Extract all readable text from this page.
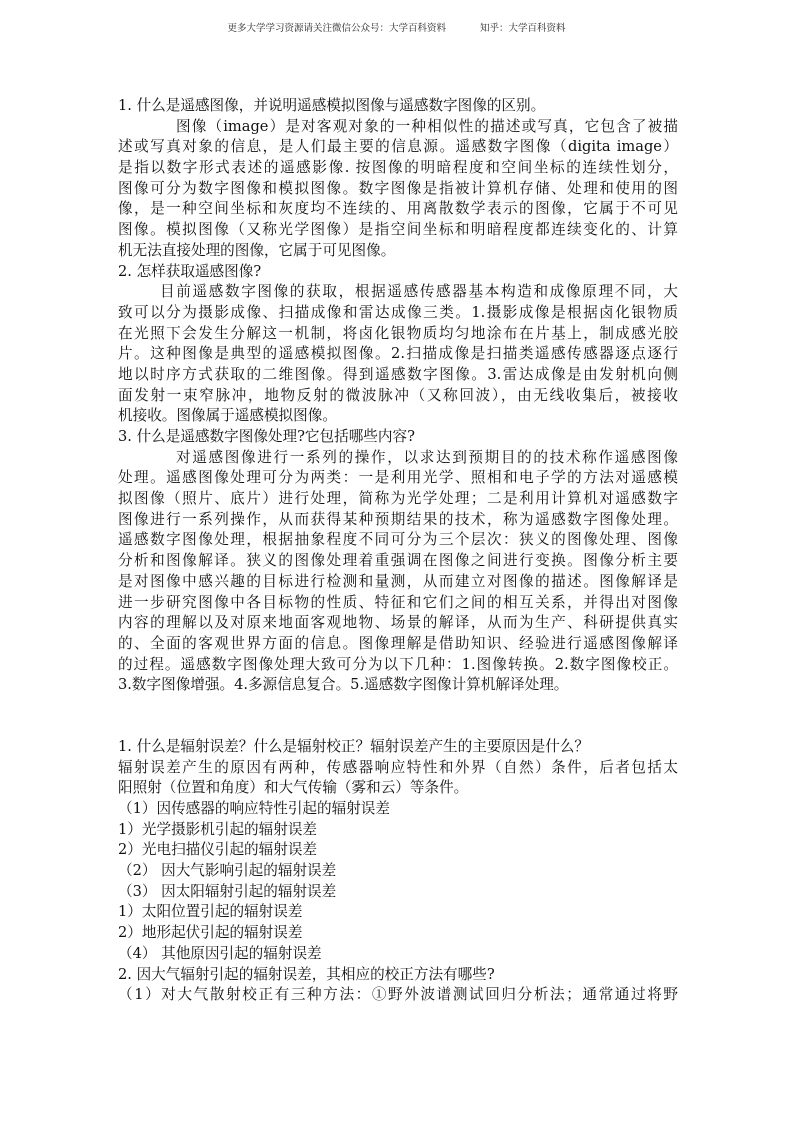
更多大学学习资源请关注微信公众号：大学百科资料	知乎：大学百科资料
1. 什么是遥感图像，并说明遥感模拟图像与遥感数字图像的区别。
图像（image）是对客观对象的一种相似性的描述或写真，它包含了被描
述或写真对象的信息，是人们最主要的信息源。遥感数字图像（digita image）
是指以数字形式表述的遥感影像. 按图像的明暗程度和空间坐标的连续性划分，
图像可分为数字图像和模拟图像。数字图像是指被计算机存储、处理和使用的图
像，是一种空间坐标和灰度均不连续的、用离散数学表示的图像，它属于不可见
图像。模拟图像（又称光学图像）是指空间坐标和明暗程度都连续变化的、计算
机无法直接处理的图像，它属于可见图像。
2. 怎样获取遥感图像?
目前遥感数字图像的获取，根据遥感传感器基本构造和成像原理不同，大
致可以分为摄影成像、扫描成像和雷达成像三类。1.摄影成像是根据卤化银物质
在光照下会发生分解这一机制，将卤化银物质均匀地涂布在片基上，制成感光胶
片。这种图像是典型的遥感模拟图像。2.扫描成像是扫描类遥感传感器逐点逐行
地以时序方式获取的二维图像。得到遥感数字图像。3.雷达成像是由发射机向侧
面发射一束窄脉冲，地物反射的微波脉冲（又称回波），由无线收集后，被接收
机接收。图像属于遥感模拟图像。
3. 什么是遥感数字图像处理?它包括哪些内容?
对遥感图像进行一系列的操作，以求达到预期目的的技术称作遥感图像
处理。遥感图像处理可分为两类：一是利用光学、照相和电子学的方法对遥感模
拟图像（照片、底片）进行处理，简称为光学处理；二是利用计算机对遥感数字
图像进行一系列操作，从而获得某种预期结果的技术，称为遥感数字图像处理。
遥感数字图像处理，根据抽象程度不同可分为三个层次：狭义的图像处理、图像
分析和图像解译。狭义的图像处理着重强调在图像之间进行变换。图像分析主要
是对图像中感兴趣的目标进行检测和量测，从而建立对图像的描述。图像解译是
进一步研究图像中各目标物的性质、特征和它们之间的相互关系，并得出对图像
内容的理解以及对原来地面客观地物、场景的解译，从而为生产、科研提供真实
的、全面的客观世界方面的信息。图像理解是借助知识、经验进行遥感图像解译
的过程。遥感数字图像处理大致可分为以下几种：1.图像转换。2.数字图像校正。
3.数字图像增强。4.多源信息复合。5.遥感数字图像计算机解译处理。
1. 什么是辐射误差？什么是辐射校正？辐射误差产生的主要原因是什么？
辐射误差产生的原因有两种，传感器响应特性和外界（自然）条件，后者包括太
阳照射（位置和角度）和大气传输（雾和云）等条件。
（1）因传感器的响应特性引起的辐射误差
1）光学摄影机引起的辐射误差
2）光电扫描仪引起的辐射误差
（2） 因大气影响引起的辐射误差
（3） 因太阳辐射引起的辐射误差
1）太阳位置引起的辐射误差
2）地形起伏引起的辐射误差
（4） 其他原因引起的辐射误差
2. 因大气辐射引起的辐射误差，其相应的校正方法有哪些?
（1）对大气散射校正有三种方法：①野外波谱测试回归分析法；通常通过将野
